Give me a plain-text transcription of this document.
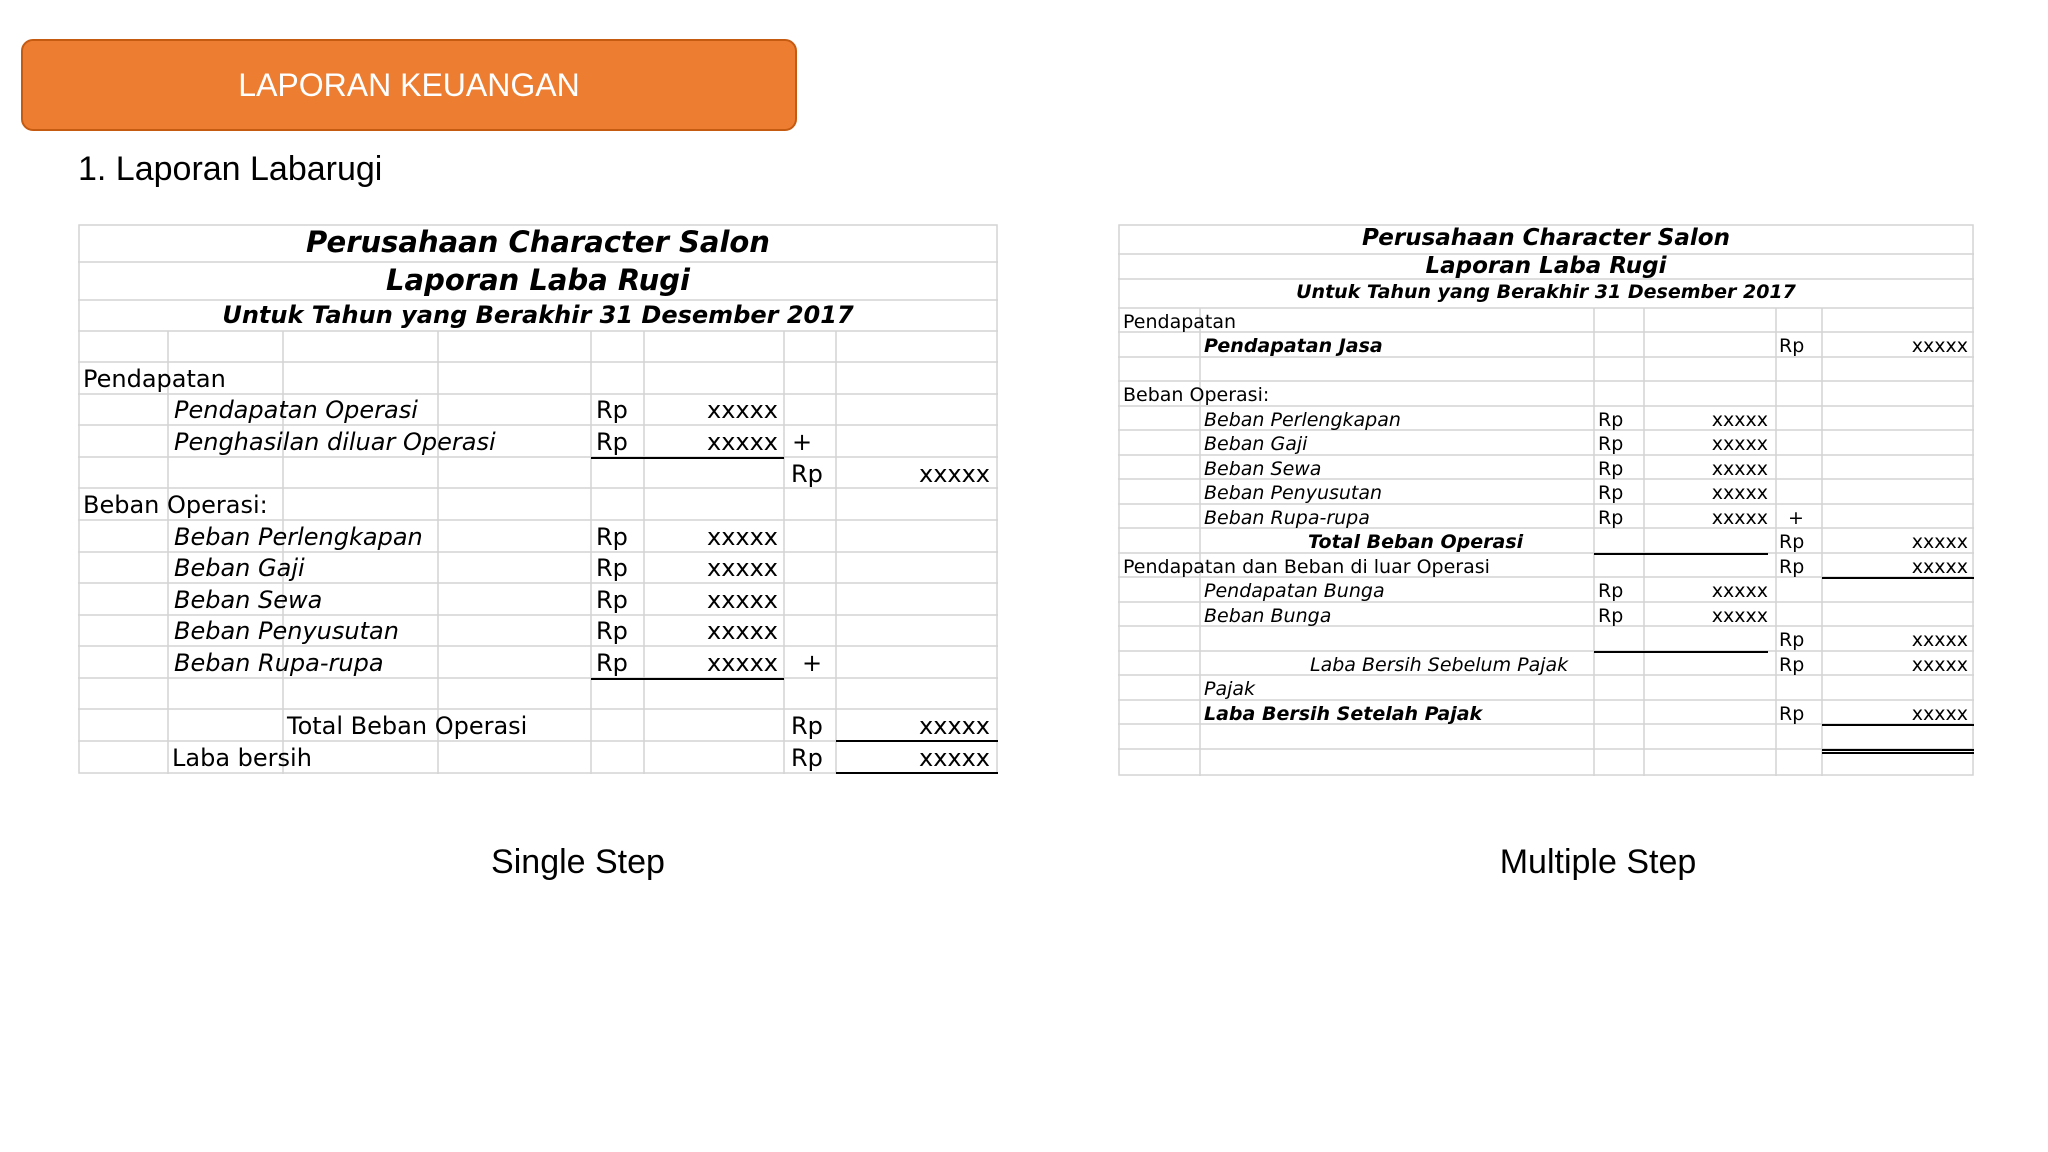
LAPORAN KEUANGAN
1. Laporan Labarugi
Perusahaan Character Salon
Laporan Laba Rugi
Untuk Tahun yang Berakhir 31 Desember 2017
Pendapatan
Pendapatan Operasi	Rp	xxxxx
Penghasilan diluar Operasi	Rp	xxxxx +
Rp	xxxxx
Beban Operasi:
Beban Perlengkapan	Rp	xxxxx
Beban Gaji	Rp	xxxxx
Beban Sewa	Rp	xxxxx
Beban Penyusutan	Rp	xxxxx
Beban Rupa-rupa	Rp	xxxxx +
Total Beban Operasi	Rp	xxxxx
Laba bersih	Rp	xxxxx
Perusahaan Character Salon
Laporan Laba Rugi
Untuk Tahun yang Berakhir 31 Desember 2017
Pendapatan
Pendapatan Jasa	Rp	xxxxx
Beban Operasi:
Beban Perlengkapan	Rp	xxxxx
Beban Gaji	Rp	xxxxx
Beban Sewa	Rp	xxxxx
Beban Penyusutan	Rp	xxxxx
Beban Rupa-rupa	Rp	xxxxx +
Total Beban Operasi	Rp	xxxxx
Pendapatan dan Beban di luar Operasi	Rp	xxxxx
Pendapatan Bunga	Rp	xxxxx
Beban Bunga	Rp	xxxxx
Rp	xxxxx
Laba Bersih Sebelum Pajak	Rp	xxxxx
Pajak
Laba Bersih Setelah Pajak	Rp	xxxxx
Single Step	Multiple Step
